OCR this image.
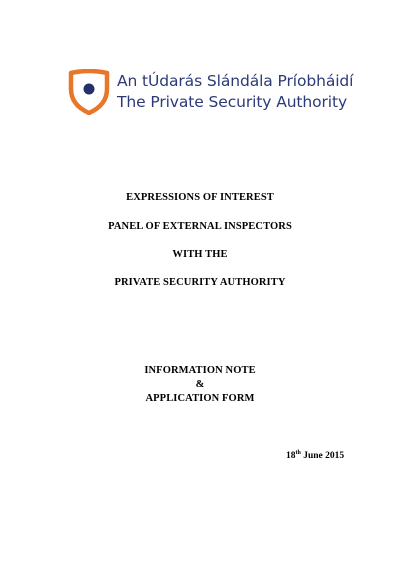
An tÚdarás Slándála Príobháidí
The Private Security Authority
EXPRESSIONS OF INTEREST
PANEL OF EXTERNAL INSPECTORS
WITH THE
PRIVATE SECURITY AUTHORITY
INFORMATION NOTE
&
APPLICATION FORM
18th June 2015
